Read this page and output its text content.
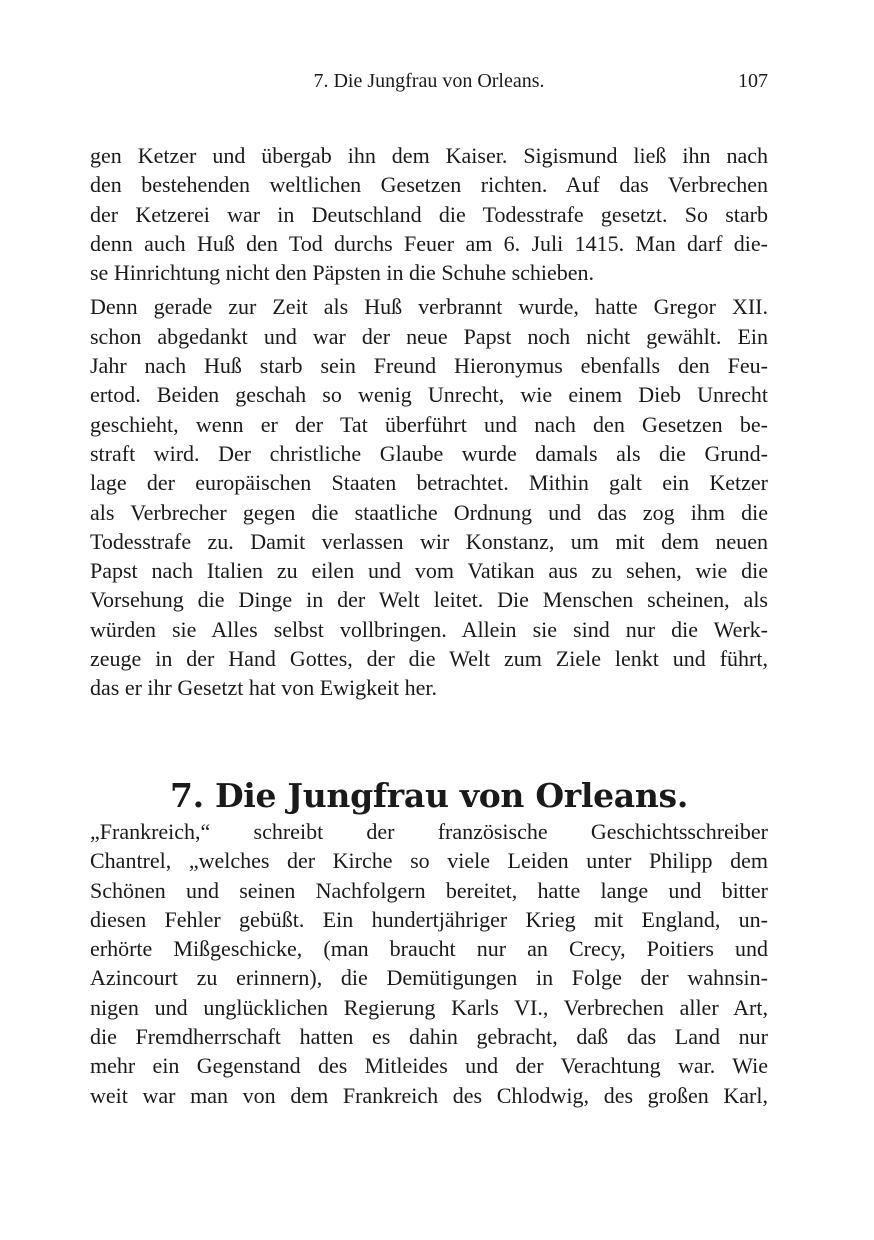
7. Die Jungfrau von Orleans.	107
gen Ketzer und übergab ihn dem Kaiser. Sigismund ließ ihn nach
den bestehenden weltlichen Gesetzen richten. Auf das Verbrechen
der Ketzerei war in Deutschland die Todesstrafe gesetzt. So starb
denn auch Huß den Tod durchs Feuer am 6. Juli 1415. Man darf die-
se Hinrichtung nicht den Päpsten in die Schuhe schieben.
Denn gerade zur Zeit als Huß verbrannt wurde, hatte Gregor XII.
schon abgedankt und war der neue Papst noch nicht gewählt. Ein
Jahr nach Huß starb sein Freund Hieronymus ebenfalls den Feu-
ertod. Beiden geschah so wenig Unrecht, wie einem Dieb Unrecht
geschieht, wenn er der Tat überführt und nach den Gesetzen be-
straft wird. Der christliche Glaube wurde damals als die Grund-
lage der europäischen Staaten betrachtet. Mithin galt ein Ketzer
als Verbrecher gegen die staatliche Ordnung und das zog ihm die
Todesstrafe zu. Damit verlassen wir Konstanz, um mit dem neuen
Papst nach Italien zu eilen und vom Vatikan aus zu sehen, wie die
Vorsehung die Dinge in der Welt leitet. Die Menschen scheinen, als
würden sie Alles selbst vollbringen. Allein sie sind nur die Werk-
zeuge in der Hand Gottes, der die Welt zum Ziele lenkt und führt,
das er ihr Gesetzt hat von Ewigkeit her.
7. Die Jungfrau von Orleans.
„Frankreich,“ schreibt der französische Geschichtsschreiber
Chantrel, „welches der Kirche so viele Leiden unter Philipp dem
Schönen und seinen Nachfolgern bereitet, hatte lange und bitter
diesen Fehler gebüßt. Ein hundertjähriger Krieg mit England, un-
erhörte Mißgeschicke, (man braucht nur an Crecy, Poitiers und
Azincourt zu erinnern), die Demütigungen in Folge der wahnsin-
nigen und unglücklichen Regierung Karls VI., Verbrechen aller Art,
die Fremdherrschaft hatten es dahin gebracht, daß das Land nur
mehr ein Gegenstand des Mitleides und der Verachtung war. Wie
weit war man von dem Frankreich des Chlodwig, des großen Karl,
